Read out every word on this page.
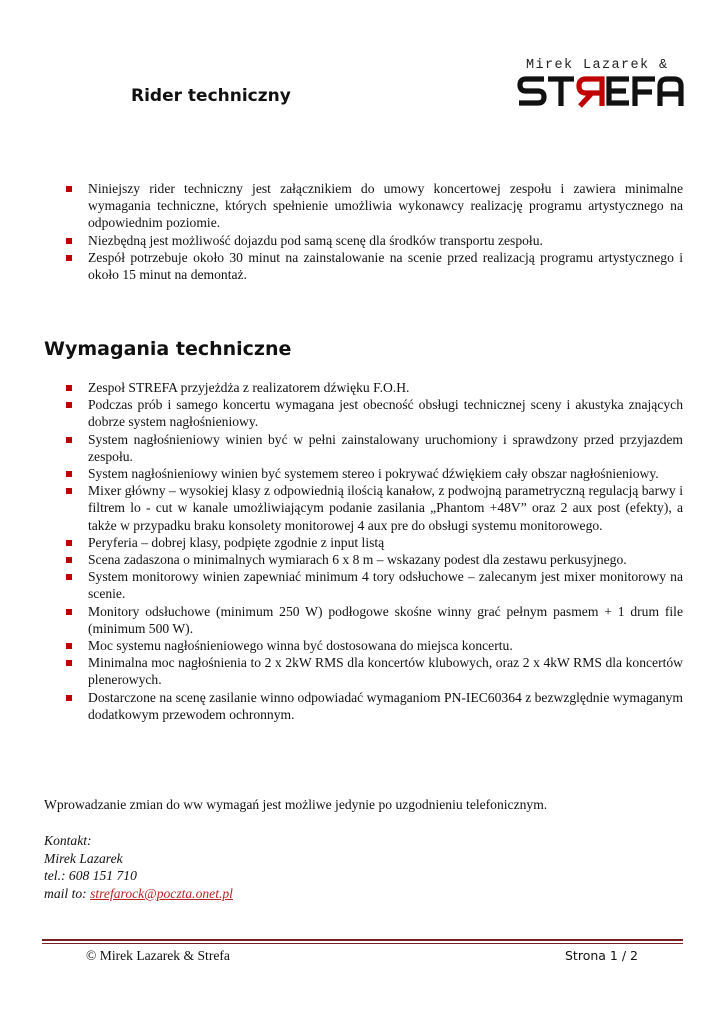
Mirek Lazarek &
Rider techniczny
Niniejszy rider techniczny jest załącznikiem do umowy koncertowej zespołu i zawiera minimalne wymagania techniczne, których spełnienie umożliwia wykonawcy realizację programu artystycznego na odpowiednim poziomie.
Niezbędną jest możliwość dojazdu pod samą scenę dla środków transportu zespołu.
Zespół potrzebuje około 30 minut na zainstalowanie na scenie przed realizacją programu artystycznego i około 15 minut na demontaż.
Wymagania techniczne
Zespoł STREFA przyjeżdża z realizatorem dźwięku F.O.H.
Podczas prób i samego koncertu wymagana jest obecność obsługi technicznej sceny i akustyka znających dobrze system nagłośnieniowy.
System nagłośnieniowy winien być w pełni zainstalowany uruchomiony i sprawdzony przed przyjazdem zespołu.
System nagłośnieniowy winien być systemem stereo i pokrywać dźwiękiem cały obszar nagłośnieniowy.
Mixer główny – wysokiej klasy z odpowiednią ilością kanałow, z podwojną parametryczną regulacją barwy i filtrem lo - cut w kanale umożliwiającym podanie zasilania „Phantom +48V” oraz 2 aux post (efekty), a także w przypadku braku konsolety monitorowej 4 aux pre do obsługi systemu monitorowego.
Peryferia – dobrej klasy, podpięte zgodnie z input listą
Scena zadaszona o minimalnych wymiarach 6 x 8 m – wskazany podest dla zestawu perkusyjnego.
System monitorowy winien zapewniać minimum 4 tory odsłuchowe – zalecanym jest mixer monitorowy na scenie.
Monitory odsłuchowe (minimum 250 W) podłogowe skośne winny grać pełnym pasmem + 1 drum file (minimum 500 W).
Moc systemu nagłośnieniowego winna być dostosowana do miejsca koncertu.
Minimalna moc nagłośnienia to 2 x 2kW RMS dla koncertów klubowych, oraz 2 x 4kW RMS dla koncertów plenerowych.
Dostarczone na scenę zasilanie winno odpowiadać wymaganiom PN-IEC60364 z bezwzględnie wymaganym dodatkowym przewodem ochronnym.
Wprowadzanie zmian do ww wymagań jest możliwe jedynie po uzgodnieniu telefonicznym.
Kontakt:
Mirek Lazarek
tel.: 608 151 710
mail to: strefarock@poczta.onet.pl
© Mirek Lazarek & Strefa	Strona 1 / 2
